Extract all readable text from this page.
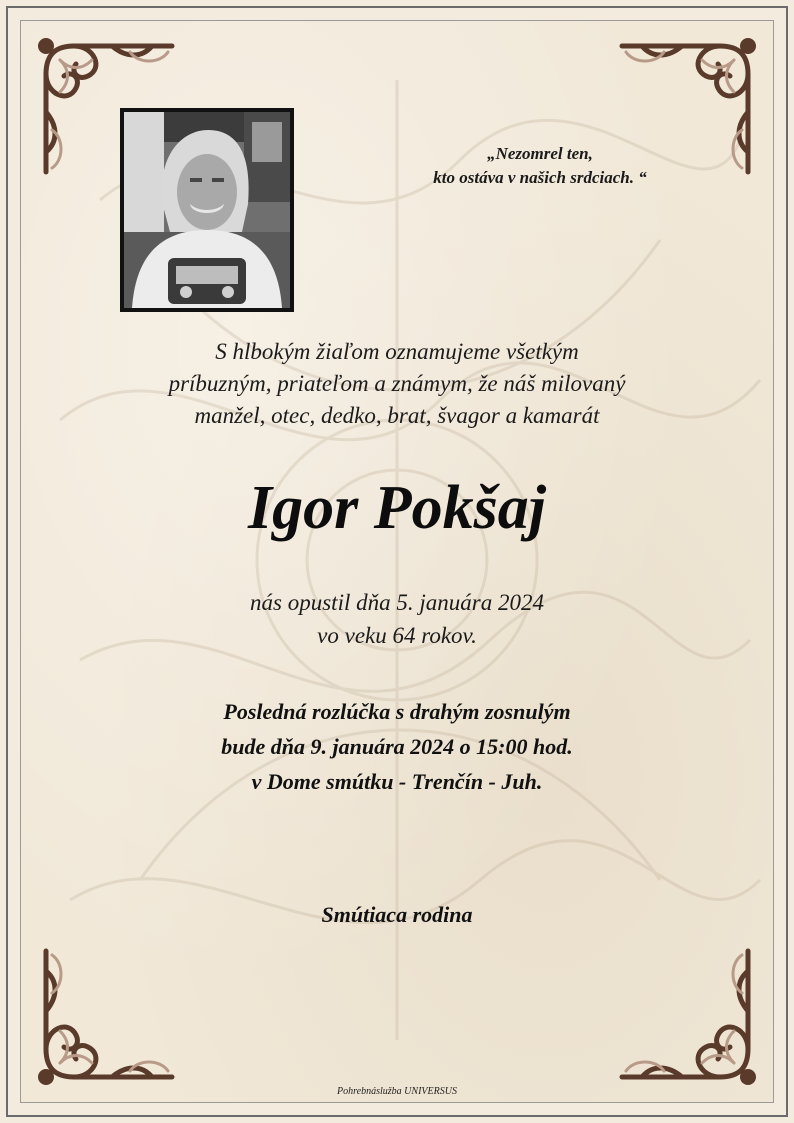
„Nezomrel ten,
kto ostáva v našich srdciach. “
S hlbokým žiaľom oznamujeme všetkým
príbuzným, priateľom a známym, že náš milovaný
manžel, otec, dedko, brat, švagor a kamarát
Igor Pokšaj
nás opustil dňa 5. januára 2024
vo veku 64 rokov.
Posledná rozlúčka s drahým zosnulým
bude dňa 9. januára 2024 o 15:00 hod.
v Dome smútku - Trenčín - Juh.
Smútiaca rodina
Pohrebnáslužba UNIVERSUS
